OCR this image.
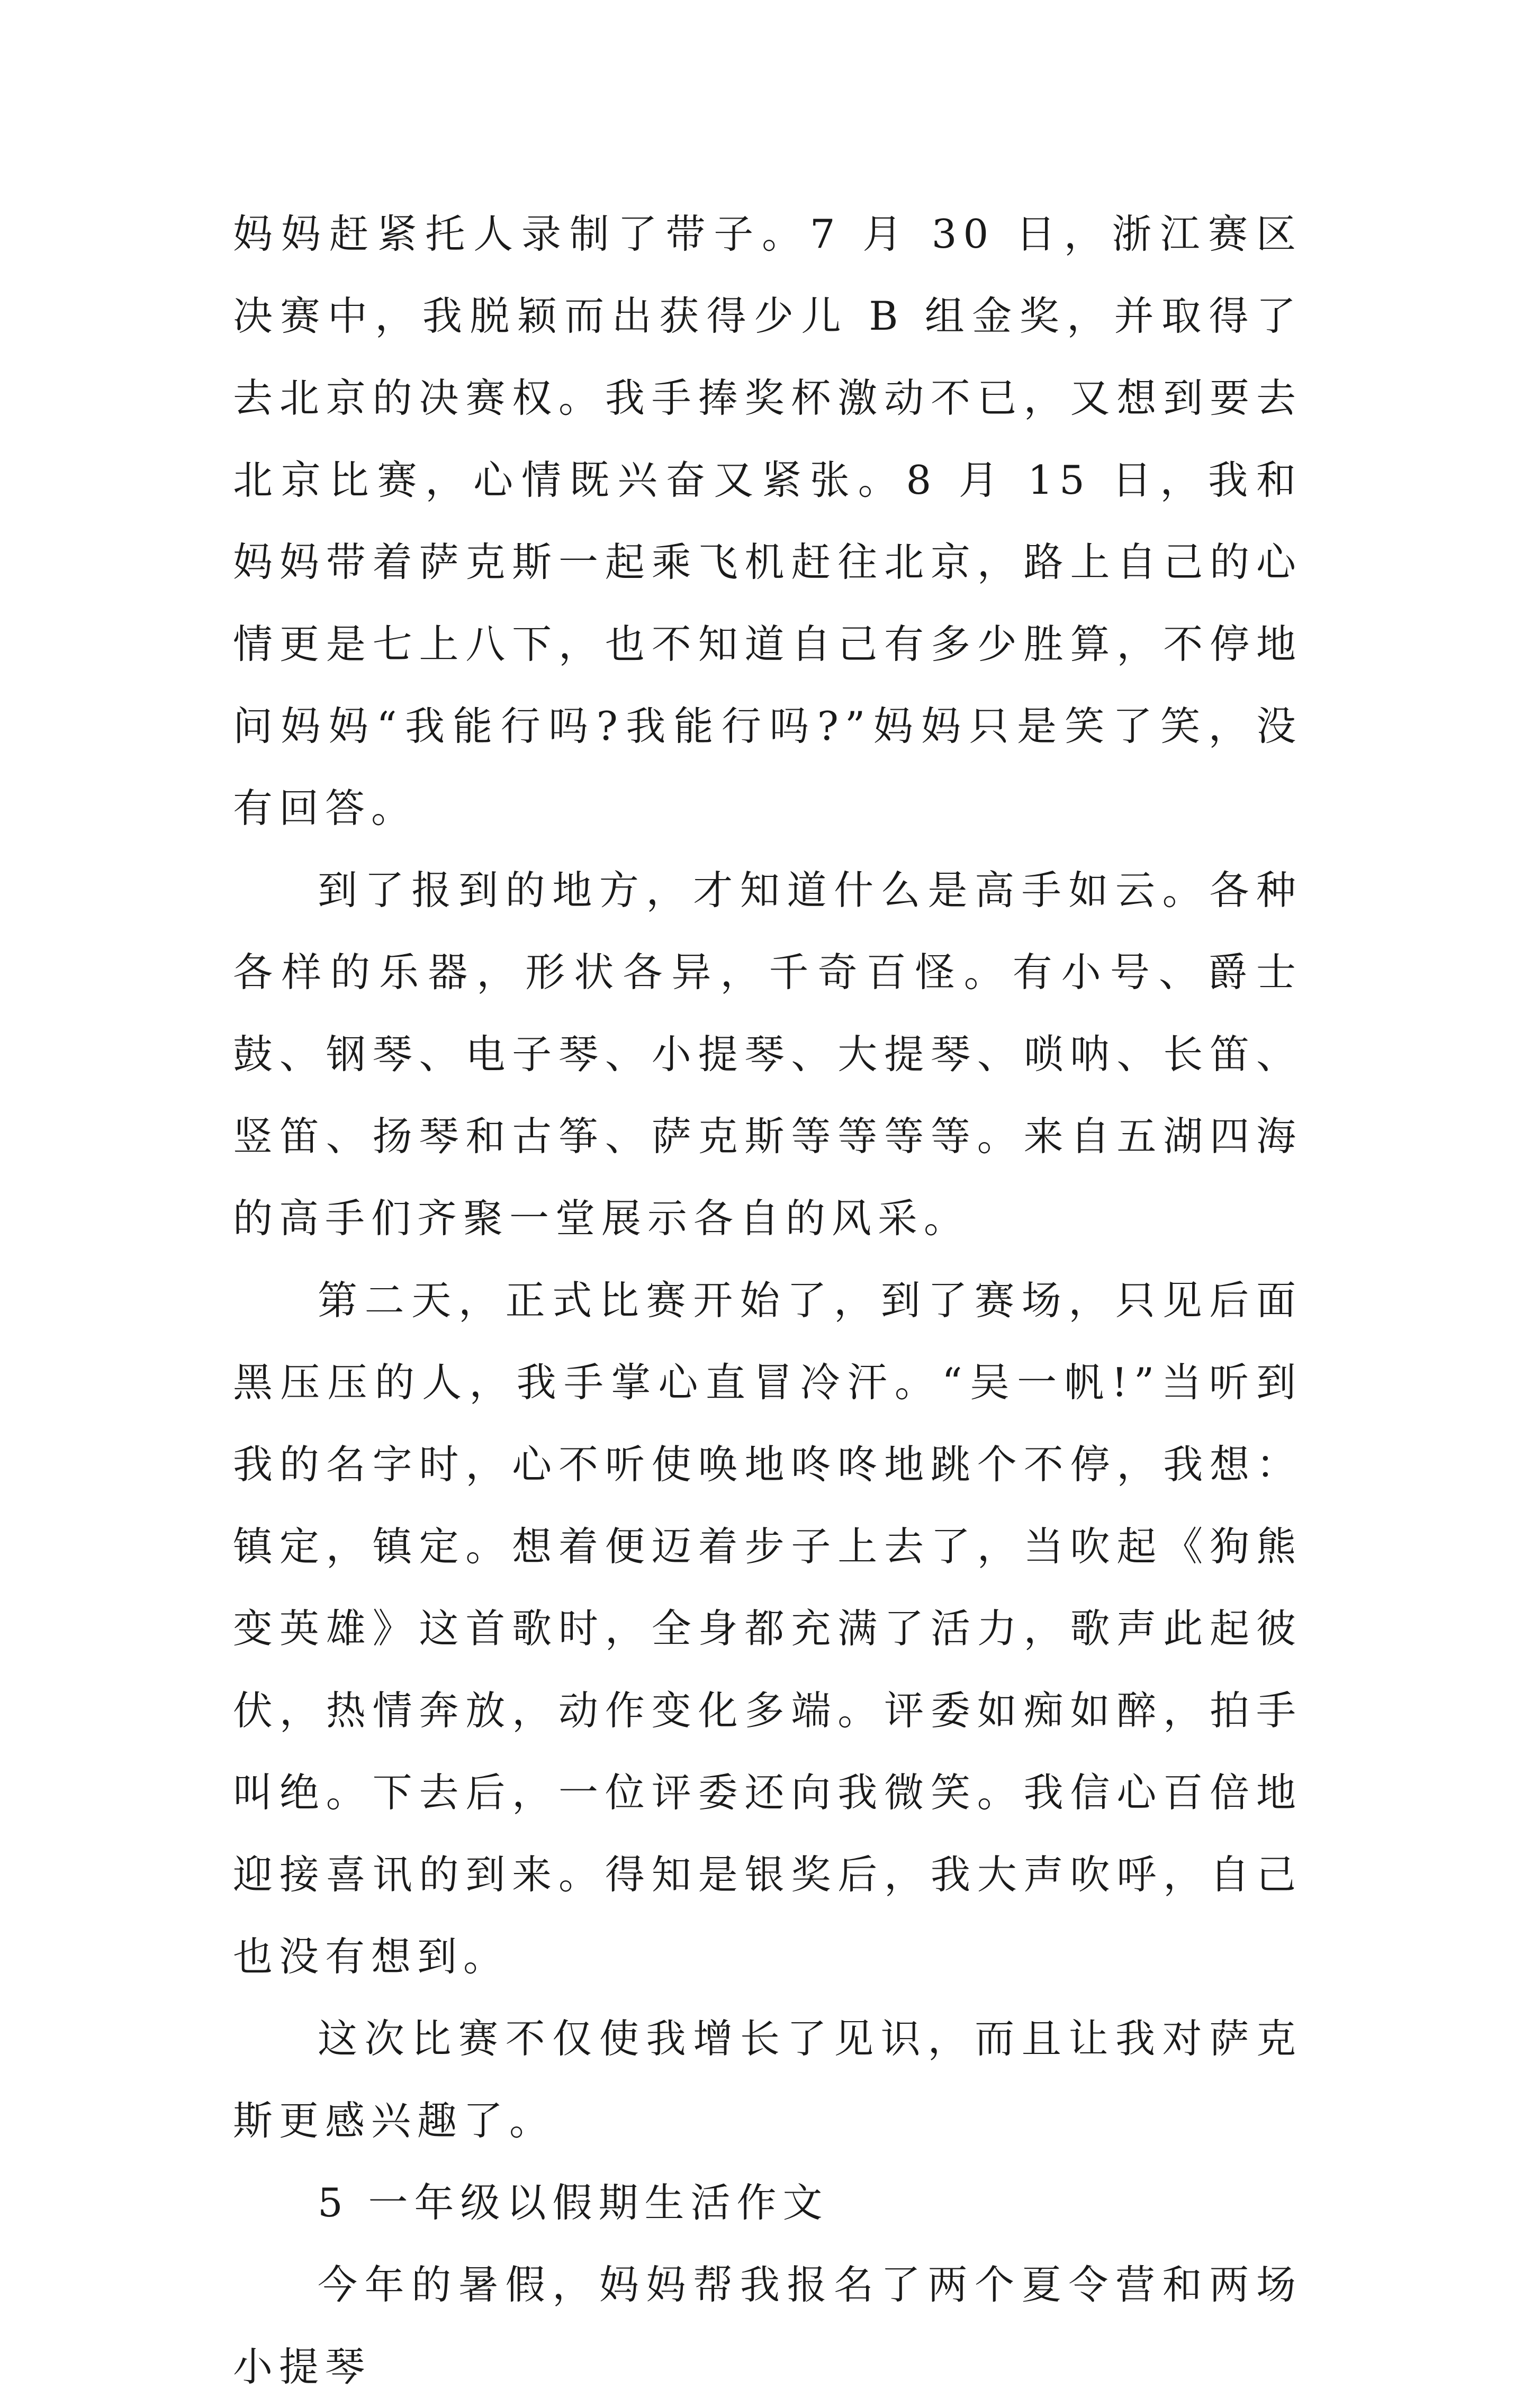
妈妈赶紧托人录制了带子。7 月 30 日，浙江赛区决赛中，我脱颖而出获得少儿 B 组金奖，并取得了去北京的决赛权。我手捧奖杯激动不已，又想到要去北京比赛，心情既兴奋又紧张。8 月 15 日，我和妈妈带着萨克斯一起乘飞机赶往北京，路上自己的心情更是七上八下，也不知道自己有多少胜算，不停地问妈妈“我能行吗?我能行吗?”妈妈只是笑了笑，没有回答。

到了报到的地方，才知道什么是高手如云。各种各样的乐器，形状各异，千奇百怪。有小号、爵士鼓、钢琴、电子琴、小提琴、大提琴、唢呐、长笛、竖笛、扬琴和古筝、萨克斯等等等等。来自五湖四海的高手们齐聚一堂展示各自的风采。

第二天，正式比赛开始了，到了赛场，只见后面黑压压的人，我手掌心直冒冷汗。“吴一帆!”当听到我的名字时，心不听使唤地咚咚地跳个不停，我想：镇定，镇定。想着便迈着步子上去了，当吹起《狗熊变英雄》这首歌时，全身都充满了活力，歌声此起彼伏，热情奔放，动作变化多端。评委如痴如醉，拍手叫绝。下去后，一位评委还向我微笑。我信心百倍地迎接喜讯的到来。得知是银奖后，我大声吹呼，自己也没有想到。

这次比赛不仅使我增长了见识，而且让我对萨克斯更感兴趣了。

5 一年级以假期生活作文

今年的暑假，妈妈帮我报名了两个夏令营和两场小提琴
